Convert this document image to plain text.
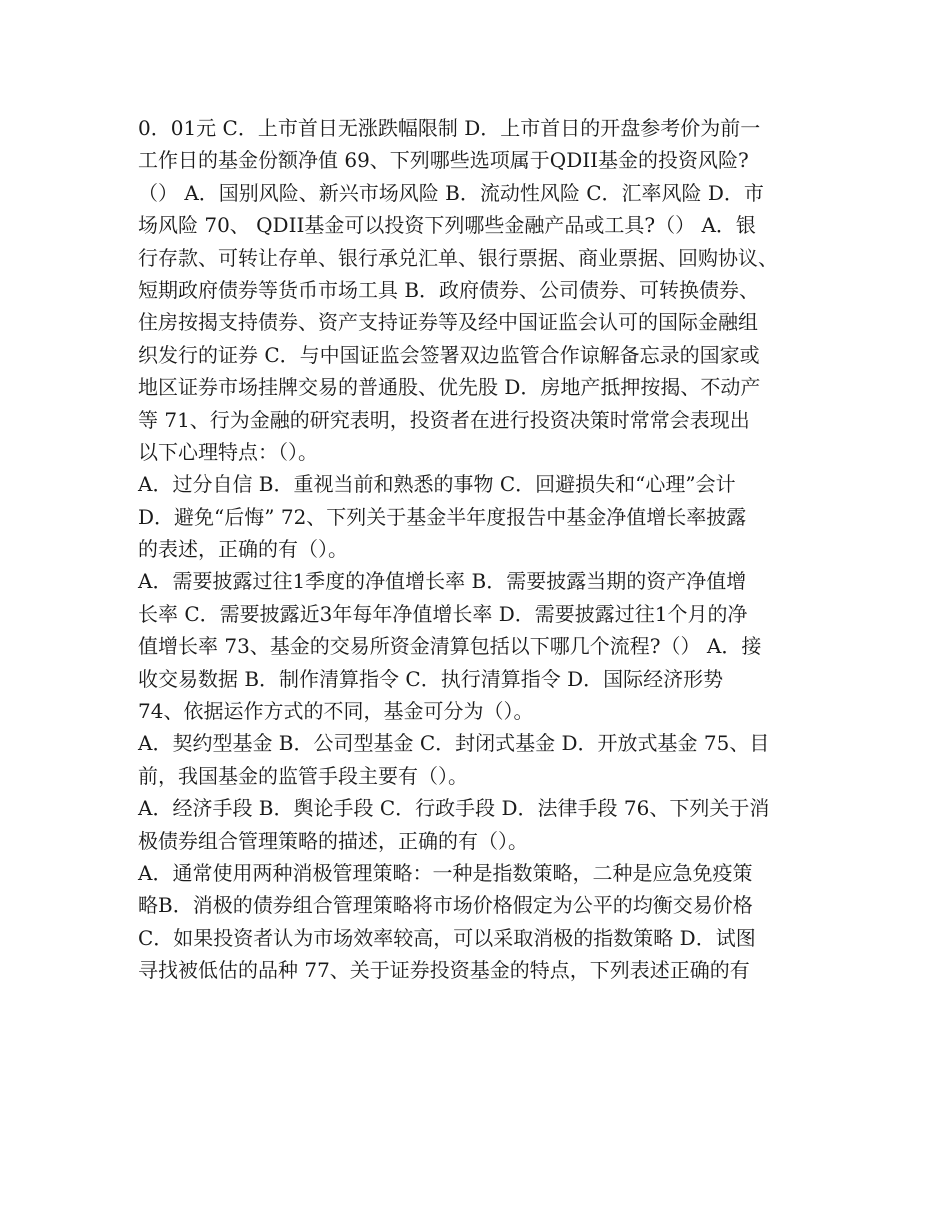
0．01元 C．上市首日无涨跌幅限制 D．上市首日的开盘参考价为前一
工作日的基金份额净值 69、下列哪些选项属于QDII基金的投资风险?
（） A．国别风险、新兴市场风险 B．流动性风险 C．汇率风险 D．市
场风险 70、 QDII基金可以投资下列哪些金融产品或工具?（） A．银
行存款、可转让存单、银行承兑汇单、银行票据、商业票据、回购协议、
短期政府债券等货币市场工具 B．政府债券、公司债券、可转换债券、
住房按揭支持债券、资产支持证券等及经中国证监会认可的国际金融组
织发行的证券 C．与中国证监会签署双边监管合作谅解备忘录的国家或
地区证券市场挂牌交易的普通股、优先股 D．房地产抵押按揭、不动产
等 71、行为金融的研究表明，投资者在进行投资决策时常常会表现出
以下心理特点：（）。
A．过分自信 B．重视当前和熟悉的事物 C．回避损失和“心理”会计
D．避免“后悔” 72、下列关于基金半年度报告中基金净值增长率披露
的表述，正确的有（）。
A．需要披露过往1季度的净值增长率 B．需要披露当期的资产净值增
长率 C．需要披露近3年每年净值增长率 D．需要披露过往1个月的净
值增长率 73、基金的交易所资金清算包括以下哪几个流程?（） A．接
收交易数据 B．制作清算指令 C．执行清算指令 D．国际经济形势
74、依据运作方式的不同，基金可分为（）。
A．契约型基金 B．公司型基金 C．封闭式基金 D．开放式基金 75、目
前，我国基金的监管手段主要有（）。
A．经济手段 B．舆论手段 C．行政手段 D．法律手段 76、下列关于消
极债券组合管理策略的描述，正确的有（）。
A．通常使用两种消极管理策略：一种是指数策略，二种是应急免疫策
略B．消极的债券组合管理策略将市场价格假定为公平的均衡交易价格
C．如果投资者认为市场效率较高，可以采取消极的指数策略 D．试图
寻找被低估的品种 77、关于证券投资基金的特点，下列表述正确的有
